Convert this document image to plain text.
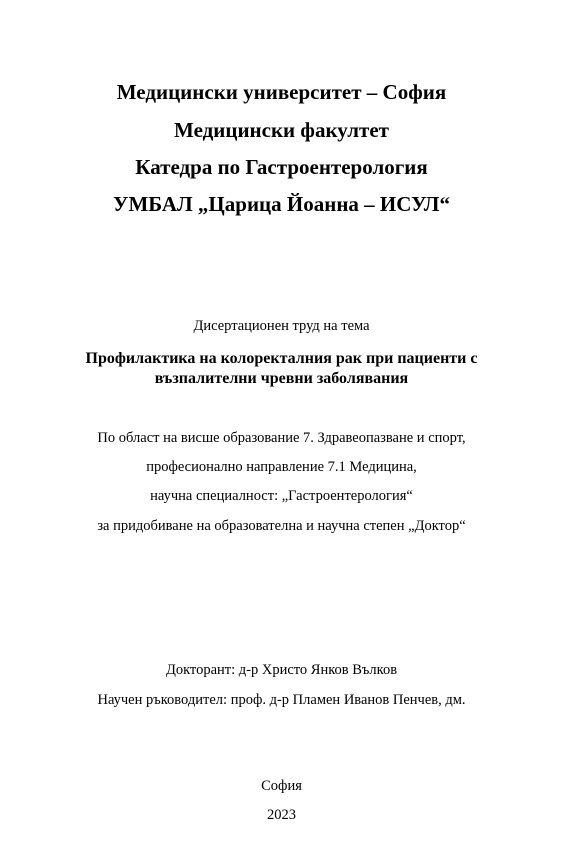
Медицински университет – София
Медицински факултет
Катедра по Гастроентерология
УМБАЛ „Царица Йоанна – ИСУЛ“
Дисертационен труд на тема
Профилактика на колоректалния рак при пациенти с
възпалителни чревни заболявания
По област на висше образование 7. Здравеопазване и спорт,
професионално направление 7.1 Медицина,
научна специалност: „Гастроентерология“
за придобиване на образователна и научна степен „Доктор“
Докторант: д-р Христо Янков Вълков
Научен ръководител: проф. д-р Пламен Иванов Пенчев, дм.
София
2023
